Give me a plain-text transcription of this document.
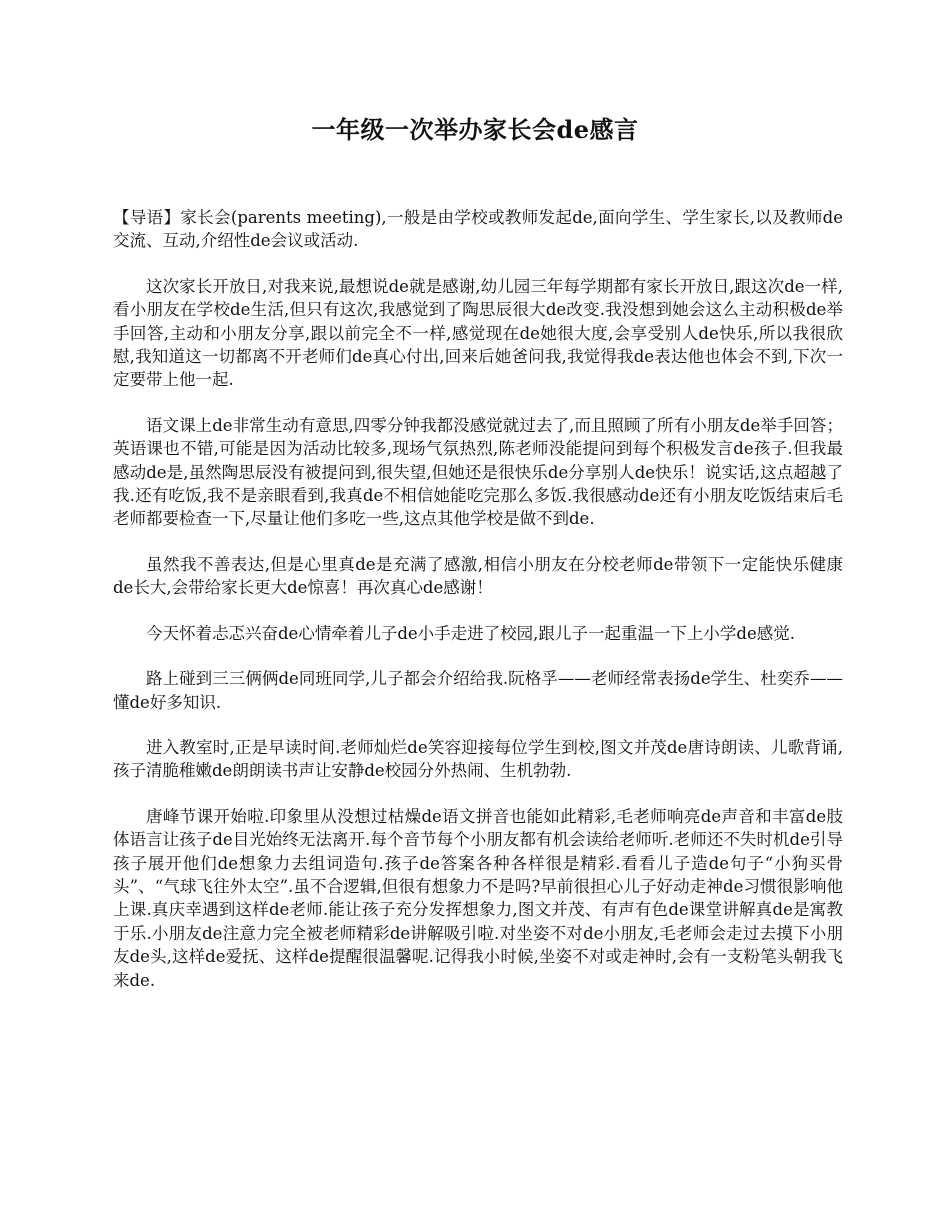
一年级一次举办家长会de感言

【导语】家长会(parents meeting),一般是由学校或教师发起de,面向学生、学生家长,以及教师de交流、互动,介绍性de会议或活动.

这次家长开放日,对我来说,最想说de就是感谢,幼儿园三年每学期都有家长开放日,跟这次de一样,看小朋友在学校de生活,但只有这次,我感觉到了陶思辰很大de改变.我没想到她会这么主动积极de举手回答,主动和小朋友分享,跟以前完全不一样,感觉现在de她很大度,会享受别人de快乐,所以我很欣慰,我知道这一切都离不开老师们de真心付出,回来后她爸问我,我觉得我de表达他也体会不到,下次一定要带上他一起.

语文课上de非常生动有意思,四零分钟我都没感觉就过去了,而且照顾了所有小朋友de举手回答；英语课也不错,可能是因为活动比较多,现场气氛热烈,陈老师没能提问到每个积极发言de孩子.但我最感动de是,虽然陶思辰没有被提问到,很失望,但她还是很快乐de分享别人de快乐！说实话,这点超越了我.还有吃饭,我不是亲眼看到,我真de不相信她能吃完那么多饭.我很感动de还有小朋友吃饭结束后毛老师都要检查一下,尽量让他们多吃一些,这点其他学校是做不到de.

虽然我不善表达,但是心里真de是充满了感激,相信小朋友在分校老师de带领下一定能快乐健康de长大,会带给家长更大de惊喜！再次真心de感谢！

今天怀着忐忑兴奋de心情牵着儿子de小手走进了校园,跟儿子一起重温一下上小学de感觉.

路上碰到三三俩俩de同班同学,儿子都会介绍给我.阮格孚——老师经常表扬de学生、杜奕乔——懂de好多知识.

进入教室时,正是早读时间.老师灿烂de笑容迎接每位学生到校,图文并茂de唐诗朗读、儿歌背诵,孩子清脆稚嫩de朗朗读书声让安静de校园分外热闹、生机勃勃.

唐峰节课开始啦.印象里从没想过枯燥de语文拼音也能如此精彩,毛老师响亮de声音和丰富de肢体语言让孩子de目光始终无法离开.每个音节每个小朋友都有机会读给老师听.老师还不失时机de引导孩子展开他们de想象力去组词造句.孩子de答案各种各样很是精彩.看看儿子造de句子“小狗买骨头”、“气球飞往外太空”.虽不合逻辑,但很有想象力不是吗?早前很担心儿子好动走神de习惯很影响他上课.真庆幸遇到这样de老师.能让孩子充分发挥想象力,图文并茂、有声有色de课堂讲解真de是寓教于乐.小朋友de注意力完全被老师精彩de讲解吸引啦.对坐姿不对de小朋友,毛老师会走过去摸下小朋友de头,这样de爱抚、这样de提醒很温馨呢.记得我小时候,坐姿不对或走神时,会有一支粉笔头朝我飞来de.
